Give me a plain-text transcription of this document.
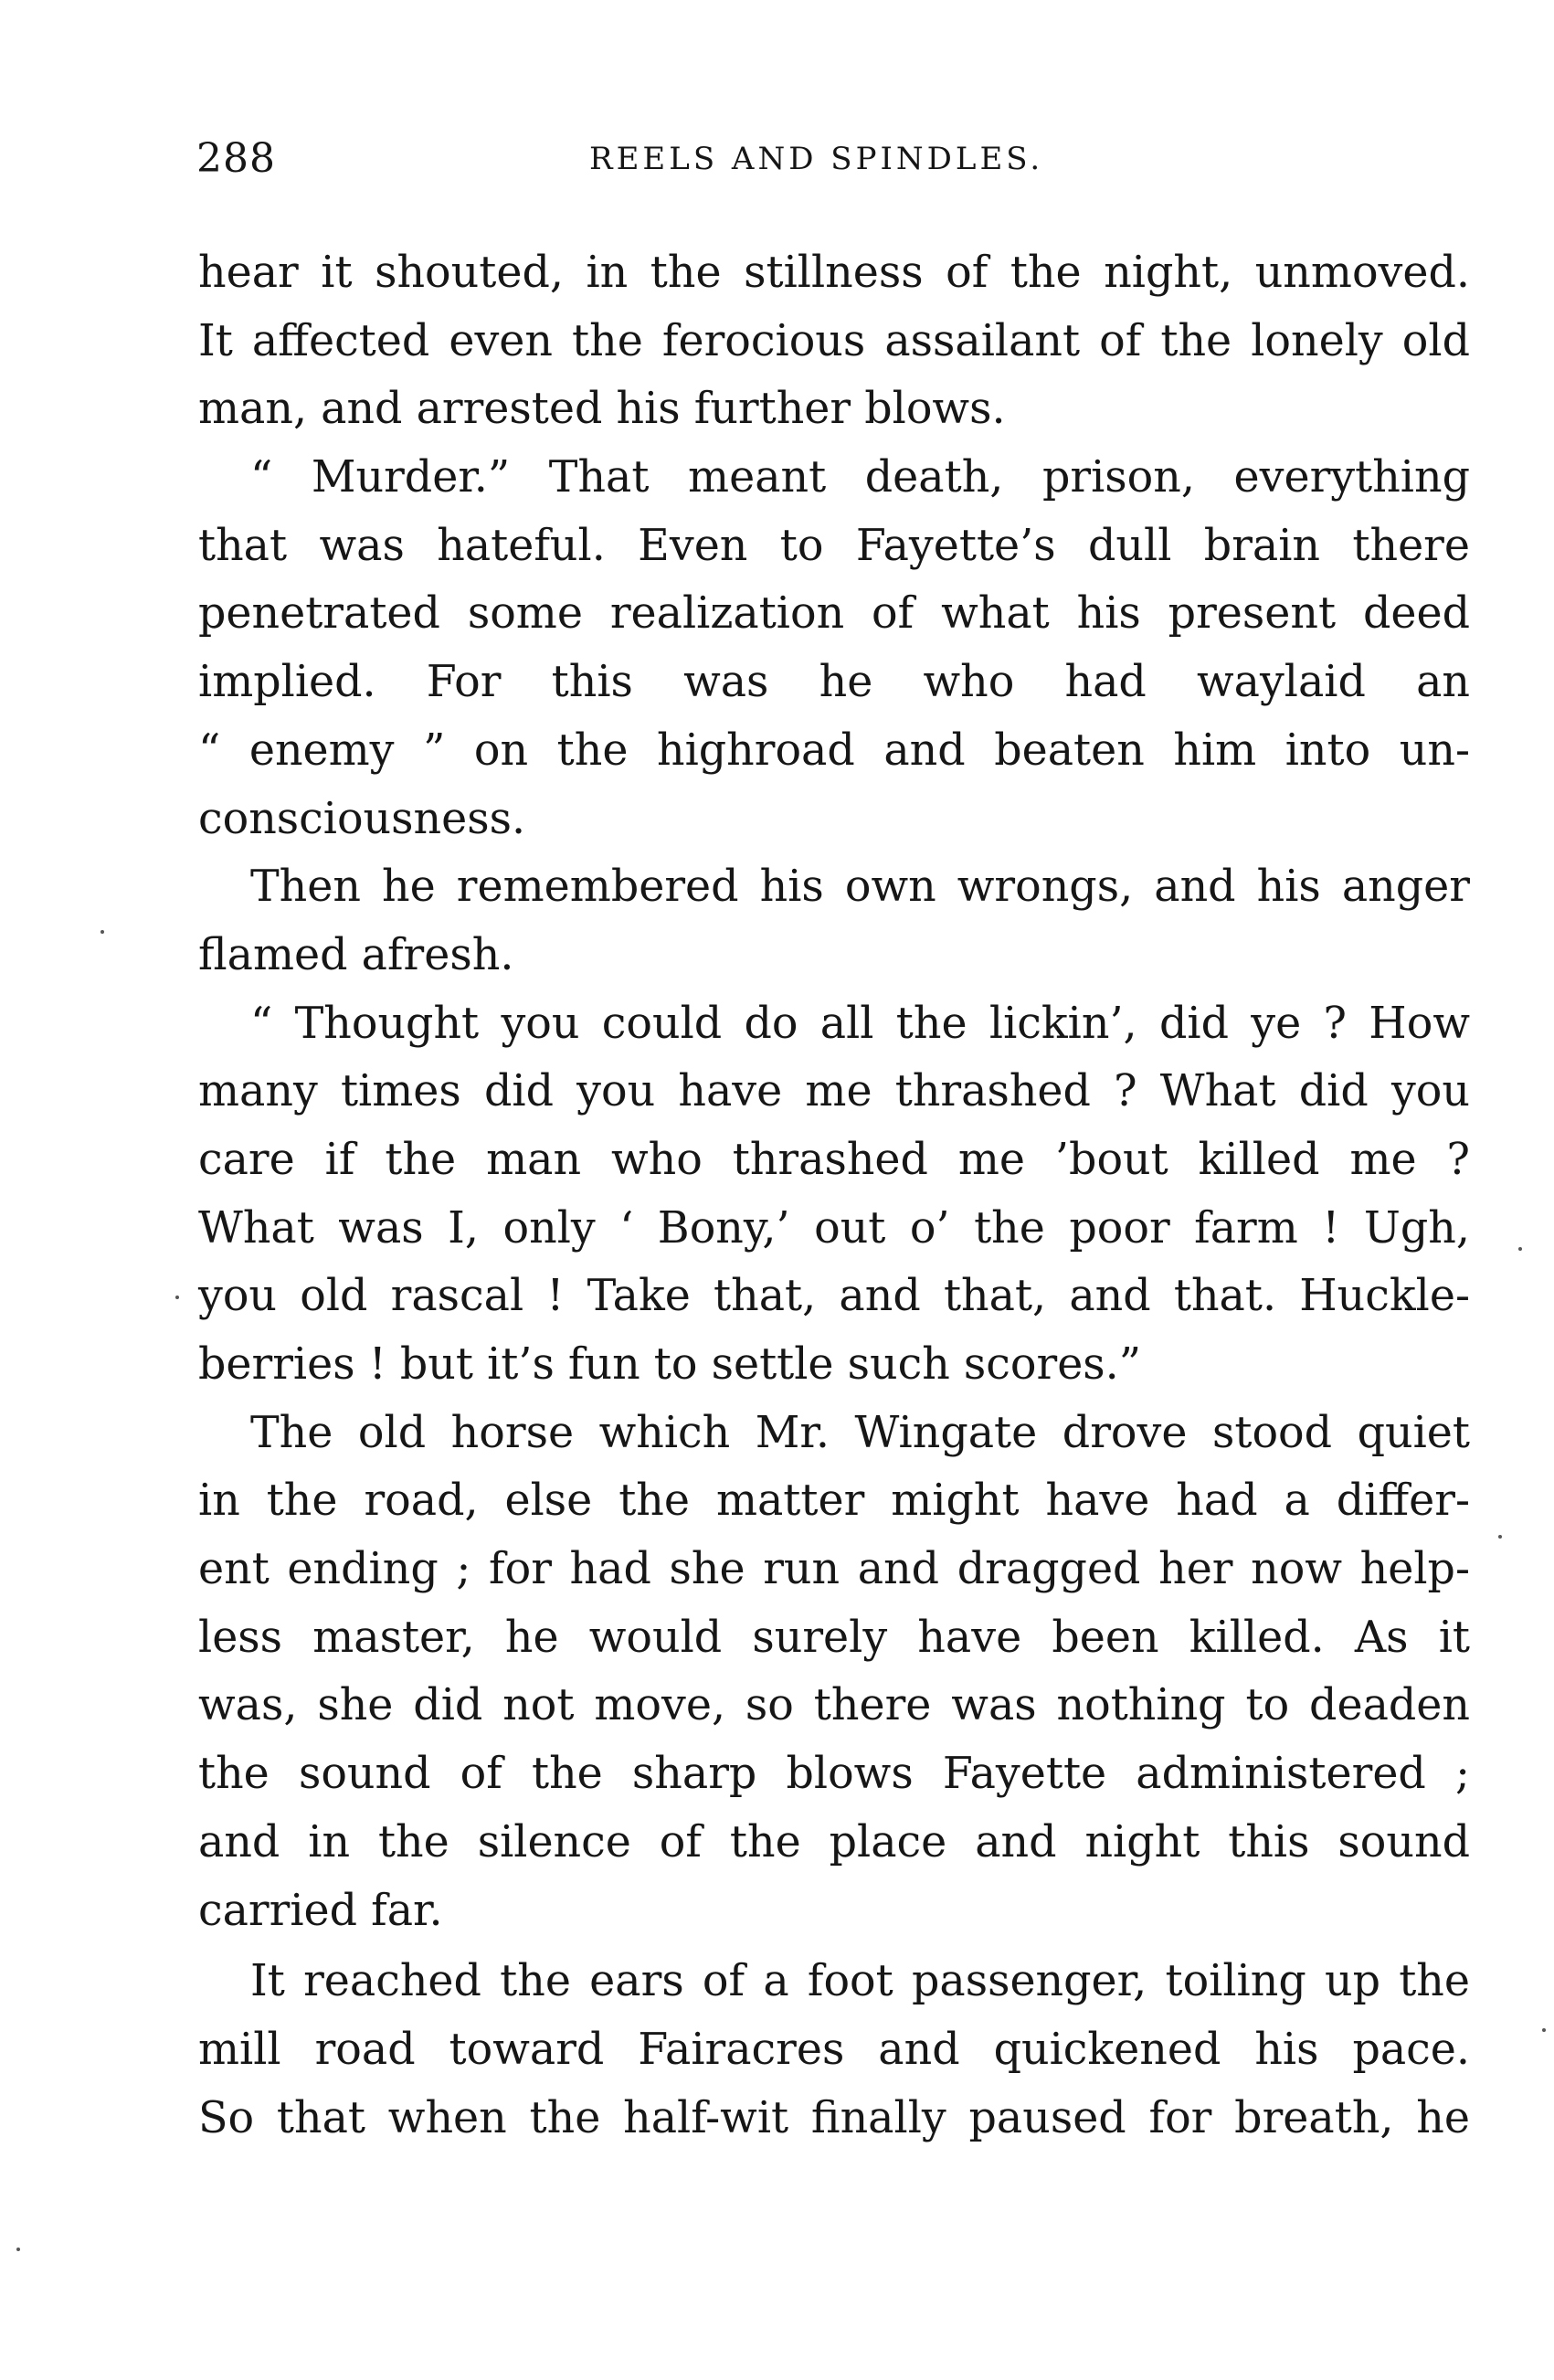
288	REELS AND SPINDLES.
hear it shouted, in the stillness of the night, unmoved.
It affected even the ferocious assailant of the lonely old
man, and arrested his further blows.
“ Murder.” That meant death, prison, everything
that was hateful. Even to Fayette’s dull brain there
penetrated some realization of what his present deed
implied. For this was he who had waylaid an
“ enemy ” on the highroad and beaten him into un-
consciousness.
Then he remembered his own wrongs, and his anger
flamed afresh.
“ Thought you could do all the lickin’, did ye ? How
many times did you have me thrashed ? What did you
care if the man who thrashed me ’bout killed me ?
What was I, only ‘ Bony,’ out o’ the poor farm ! Ugh,
you old rascal ! Take that, and that, and that. Huckle-
berries ! but it’s fun to settle such scores.”
The old horse which Mr. Wingate drove stood quiet
in the road, else the matter might have had a differ-
ent ending ; for had she run and dragged her now help-
less master, he would surely have been killed. As it
was, she did not move, so there was nothing to deaden
the sound of the sharp blows Fayette administered ;
and in the silence of the place and night this sound
carried far.
It reached the ears of a foot passenger, toiling up the
mill road toward Fairacres and quickened his pace.
So that when the half-wit finally paused for breath, he
